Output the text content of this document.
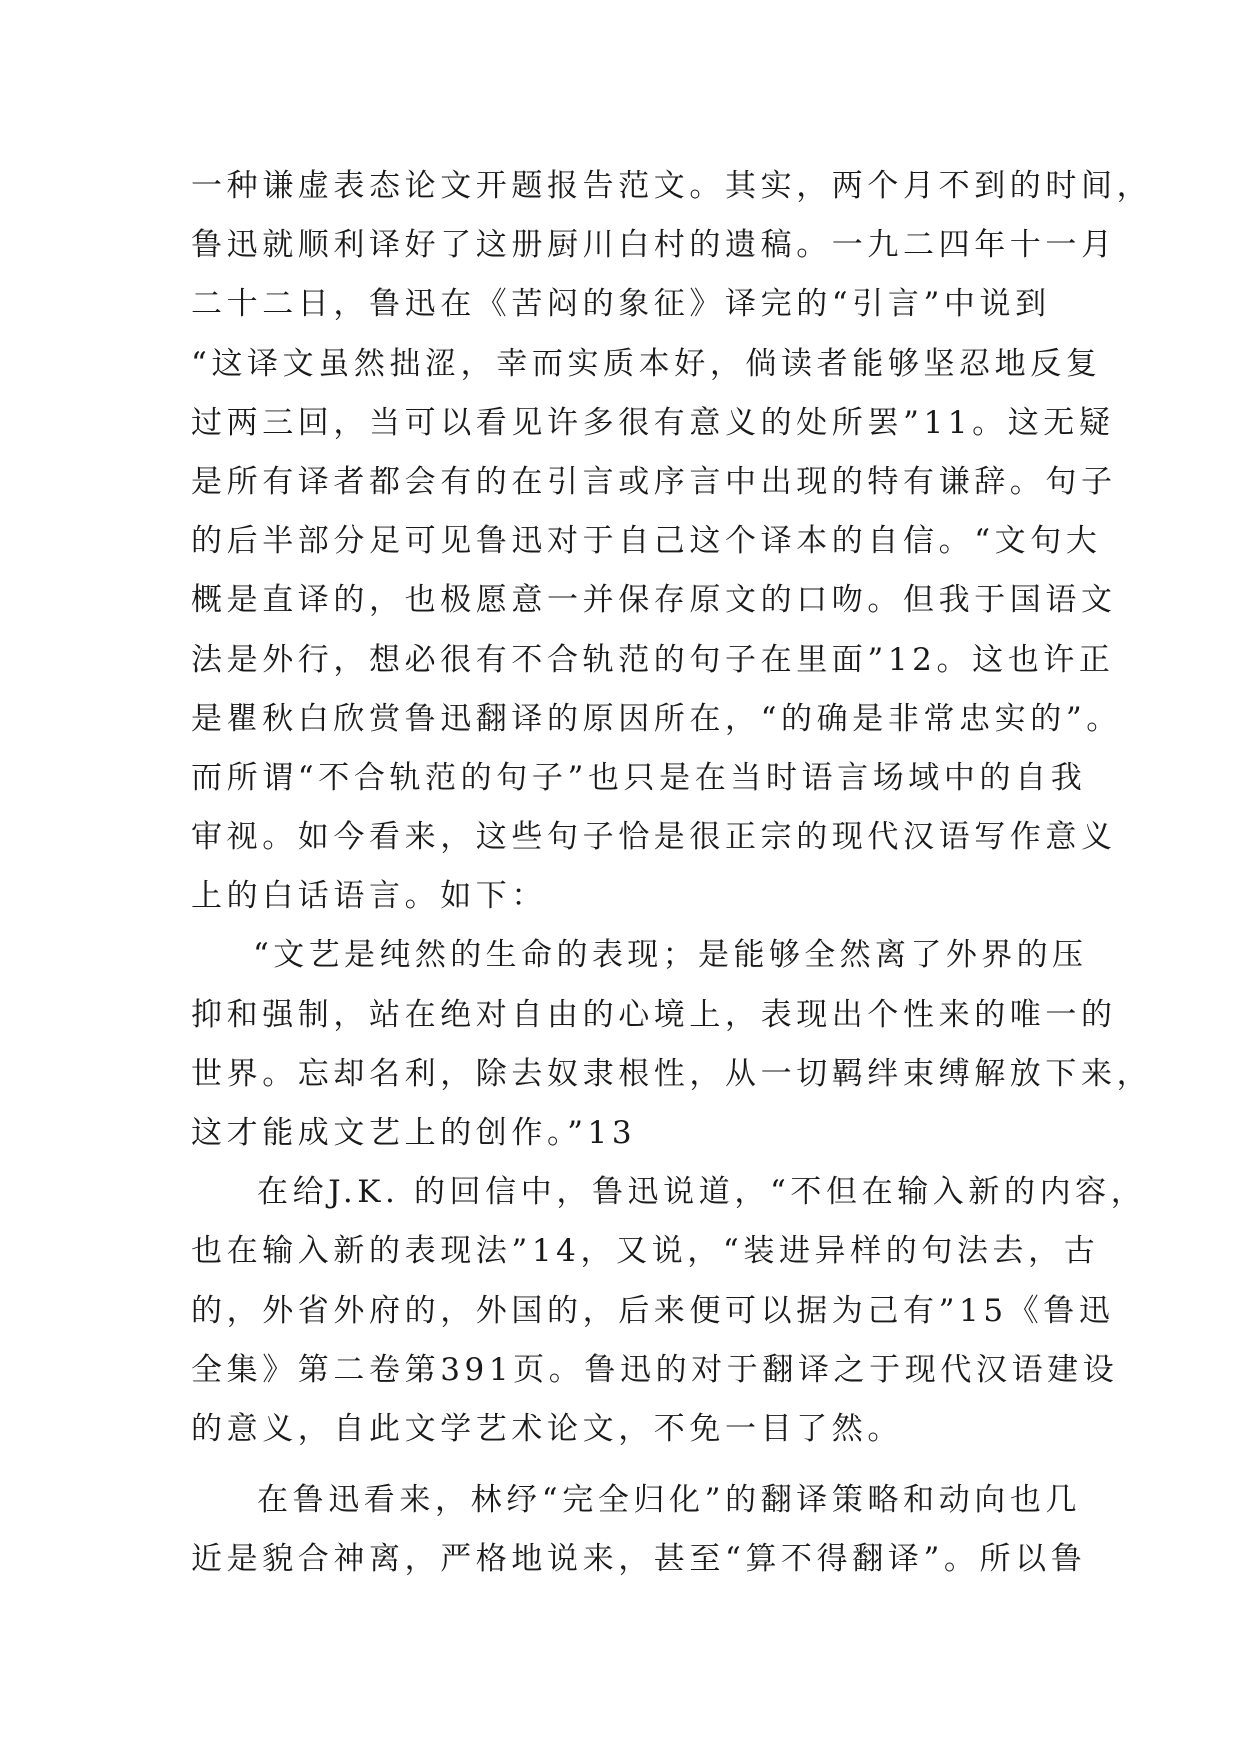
一种谦虚表态论文开题报告范文。其实，两个月不到的时间，
鲁迅就顺利译好了这册厨川白村的遗稿。一九二四年十一月
二十二日，鲁迅在《苦闷的象征》译完的“引言”中说到
“这译文虽然拙涩，幸而实质本好，倘读者能够坚忍地反复
过两三回，当可以看见许多很有意义的处所罢”11。这无疑
是所有译者都会有的在引言或序言中出现的特有谦辞。句子
的后半部分足可见鲁迅对于自己这个译本的自信。“文句大
概是直译的，也极愿意一并保存原文的口吻。但我于国语文
法是外行，想必很有不合轨范的句子在里面”12。这也许正
是瞿秋白欣赏鲁迅翻译的原因所在，“的确是非常忠实的”。
而所谓“不合轨范的句子”也只是在当时语言场域中的自我
审视。如今看来，这些句子恰是很正宗的现代汉语写作意义
上的白话语言。如下：
“文艺是纯然的生命的表现；是能够全然离了外界的压
抑和强制，站在绝对自由的心境上，表现出个性来的唯一的
世界。忘却名利，除去奴隶根性，从一切羁绊束缚解放下来，
这才能成文艺上的创作。”13
在给J.K. 的回信中，鲁迅说道，“不但在输入新的内容，
也在输入新的表现法”14，又说，“装进异样的句法去，古
的，外省外府的，外国的，后来便可以据为己有”15《鲁迅
全集》第二卷第391页。鲁迅的对于翻译之于现代汉语建设
的意义，自此文学艺术论文，不免一目了然。
在鲁迅看来，林纾“完全归化”的翻译策略和动向也几
近是貌合神离，严格地说来，甚至“算不得翻译”。所以鲁
